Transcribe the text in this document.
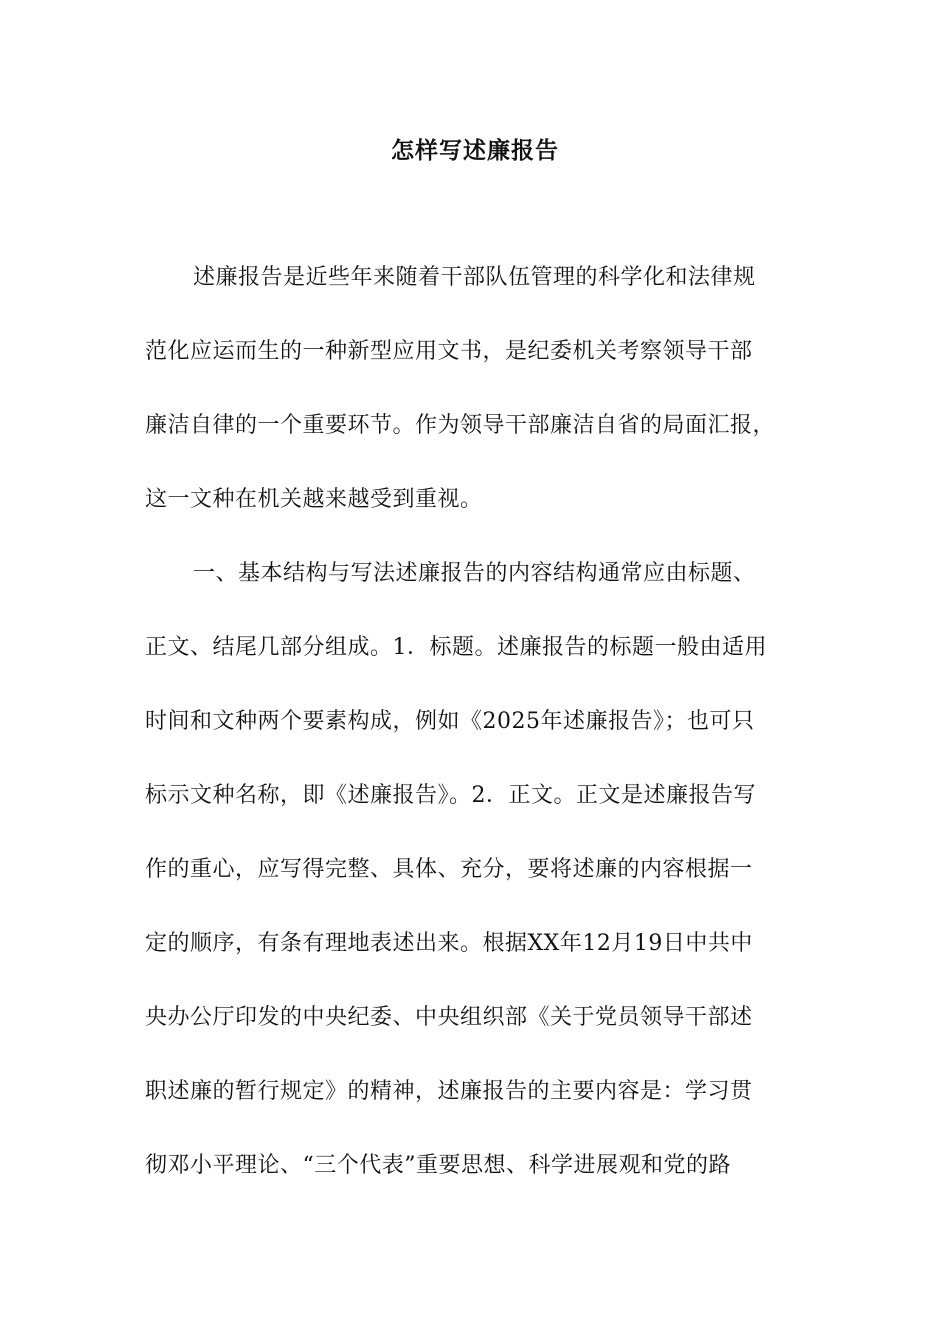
怎样写述廉报告
述廉报告是近些年来随着干部队伍管理的科学化和法律规
范化应运而生的一种新型应用文书，是纪委机关考察领导干部
廉洁自律的一个重要环节。作为领导干部廉洁自省的局面汇报，
这一文种在机关越来越受到重视。
一、基本结构与写法述廉报告的内容结构通常应由标题、
正文、结尾几部分组成。1．标题。述廉报告的标题一般由适用
时间和文种两个要素构成，例如《2025年述廉报告》；也可只
标示文种名称，即《述廉报告》。2．正文。正文是述廉报告写
作的重心，应写得完整、具体、充分，要将述廉的内容根据一
定的顺序，有条有理地表述出来。根据XX年12月19日中共中
央办公厅印发的中央纪委、中央组织部《关于党员领导干部述
职述廉的暂行规定》的精神，述廉报告的主要内容是：学习贯
彻邓小平理论、“三个代表”重要思想、科学进展观和党的路
